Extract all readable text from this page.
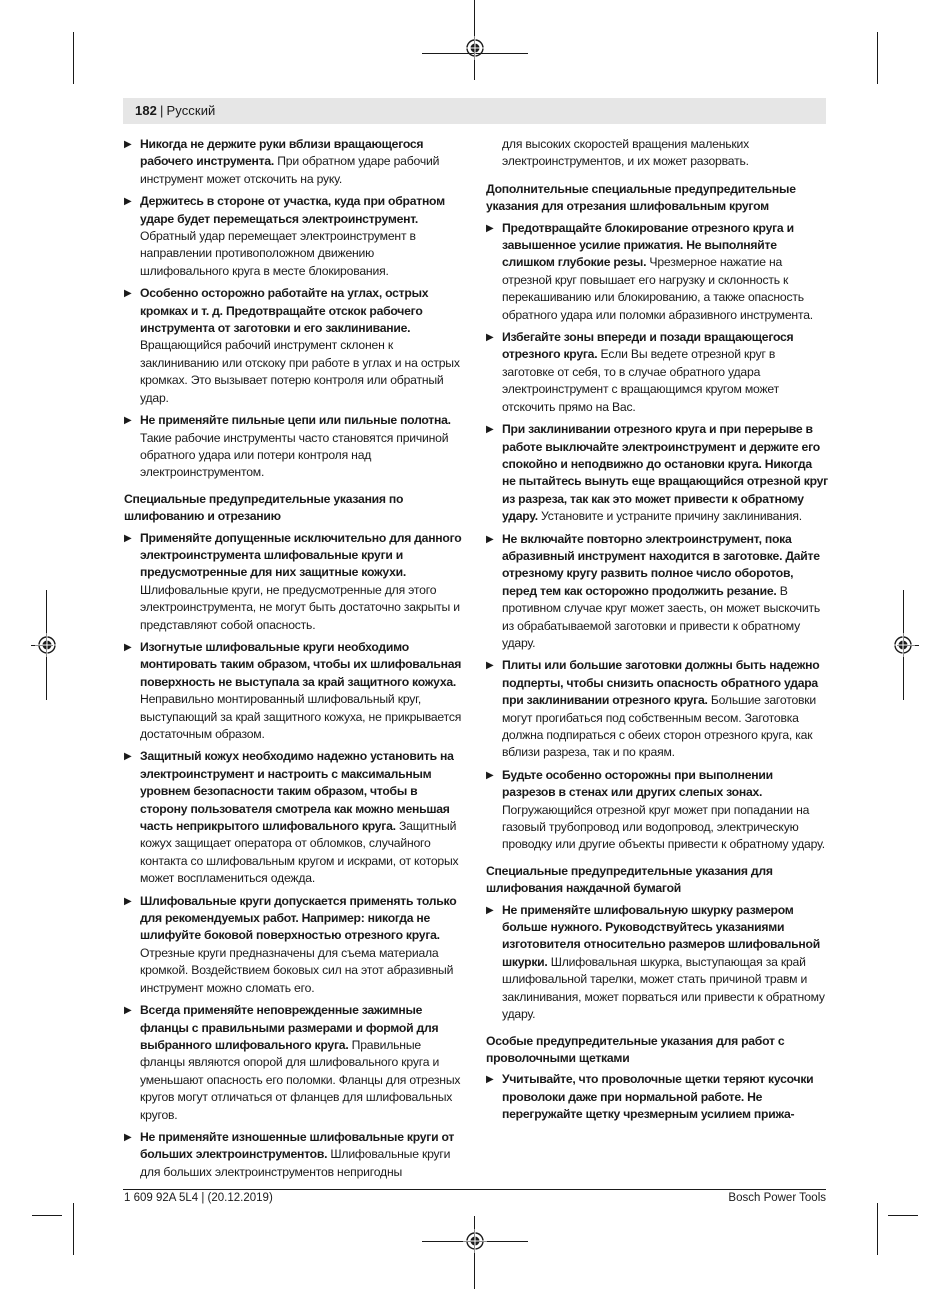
182 | Русский
▶ Никогда не держите руки вблизи вращающегося рабочего инструмента. При обратном ударе рабочий инструмент может отскочить на руку.
▶ Держитесь в стороне от участка, куда при обратном ударе будет перемещаться электроинструмент. Обратный удар перемещает электроинструмент в направлении противоположном движению шлифовального круга в месте блокирования.
▶ Особенно осторожно работайте на углах, острых кромках и т. д. Предотвращайте отскок рабочего инструмента от заготовки и его заклинивание. Вращающийся рабочий инструмент склонен к заклиниванию или отскоку при работе в углах и на острых кромках. Это вызывает потерю контроля или обратный удар.
▶ Не применяйте пильные цепи или пильные полотна. Такие рабочие инструменты часто становятся причиной обратного удара или потери контроля над электроинструментом.
Специальные предупредительные указания по шлифованию и отрезанию
▶ Применяйте допущенные исключительно для данного электроинструмента шлифовальные круги и предусмотренные для них защитные кожухи. Шлифовальные круги, не предусмотренные для этого электроинструмента, не могут быть достаточно закрыты и представляют собой опасность.
▶ Изогнутые шлифовальные круги необходимо монтировать таким образом, чтобы их шлифовальная поверхность не выступала за край защитного кожуха. Неправильно монтированный шлифовальный круг, выступающий за край защитного кожуха, не прикрывается достаточным образом.
▶ Защитный кожух необходимо надежно установить на электроинструмент и настроить с максимальным уровнем безопасности таким образом, чтобы в сторону пользователя смотрела как можно меньшая часть неприкрытого шлифовального круга. Защитный кожух защищает оператора от обломков, случайного контакта со шлифовальным кругом и искрами, от которых может воспламениться одежда.
▶ Шлифовальные круги допускается применять только для рекомендуемых работ. Например: никогда не шлифуйте боковой поверхностью отрезного круга. Отрезные круги предназначены для съема материала кромкой. Воздействием боковых сил на этот абразивный инструмент можно сломать его.
▶ Всегда применяйте неповрежденные зажимные фланцы с правильными размерами и формой для выбранного шлифовального круга. Правильные фланцы являются опорой для шлифовального круга и уменьшают опасность его поломки. Фланцы для отрезных кругов могут отличаться от фланцев для шлифовальных кругов.
▶ Не применяйте изношенные шлифовальные круги от больших электроинструментов. Шлифовальные круги для больших электроинструментов непригодны
для высоких скоростей вращения маленьких электроинструментов, и их может разорвать.
Дополнительные специальные предупредительные указания для отрезания шлифовальным кругом
▶ Предотвращайте блокирование отрезного круга и завышенное усилие прижатия. Не выполняйте слишком глубокие резы. Чрезмерное нажатие на отрезной круг повышает его нагрузку и склонность к перекашиванию или блокированию, а также опасность обратного удара или поломки абразивного инструмента.
▶ Избегайте зоны впереди и позади вращающегося отрезного круга. Если Вы ведете отрезной круг в заготовке от себя, то в случае обратного удара электроинструмент с вращающимся кругом может отскочить прямо на Вас.
▶ При заклинивании отрезного круга и при перерыве в работе выключайте электроинструмент и держите его спокойно и неподвижно до остановки круга. Никогда не пытайтесь вынуть еще вращающийся отрезной круг из разреза, так как это может привести к обратному удару. Установите и устраните причину заклинивания.
▶ Не включайте повторно электроинструмент, пока абразивный инструмент находится в заготовке. Дайте отрезному кругу развить полное число оборотов, перед тем как осторожно продолжить резание. В противном случае круг может заесть, он может выскочить из обрабатываемой заготовки и привести к обратному удару.
▶ Плиты или большие заготовки должны быть надежно подперты, чтобы снизить опасность обратного удара при заклинивании отрезного круга. Большие заготовки могут прогибаться под собственным весом. Заготовка должна подпираться с обеих сторон отрезного круга, как вблизи разреза, так и по краям.
▶ Будьте особенно осторожны при выполнении разрезов в стенах или других слепых зонах. Погружающийся отрезной круг может при попадании на газовый трубопровод или водопровод, электрическую проводку или другие объекты привести к обратному удару.
Специальные предупредительные указания для шлифования наждачной бумагой
▶ Не применяйте шлифовальную шкурку размером больше нужного. Руководствуйтесь указаниями изготовителя относительно размеров шлифовальной шкурки. Шлифовальная шкурка, выступающая за край шлифовальной тарелки, может стать причиной травм и заклинивания, может порваться или привести к обратному удару.
Особые предупредительные указания для работ с проволочными щетками
▶ Учитывайте, что проволочные щетки теряют кусочки проволоки даже при нормальной работе. Не перегружайте щетку чрезмерным усилием прижа-
1 609 92A 5L4 | (20.12.2019)	Bosch Power Tools
